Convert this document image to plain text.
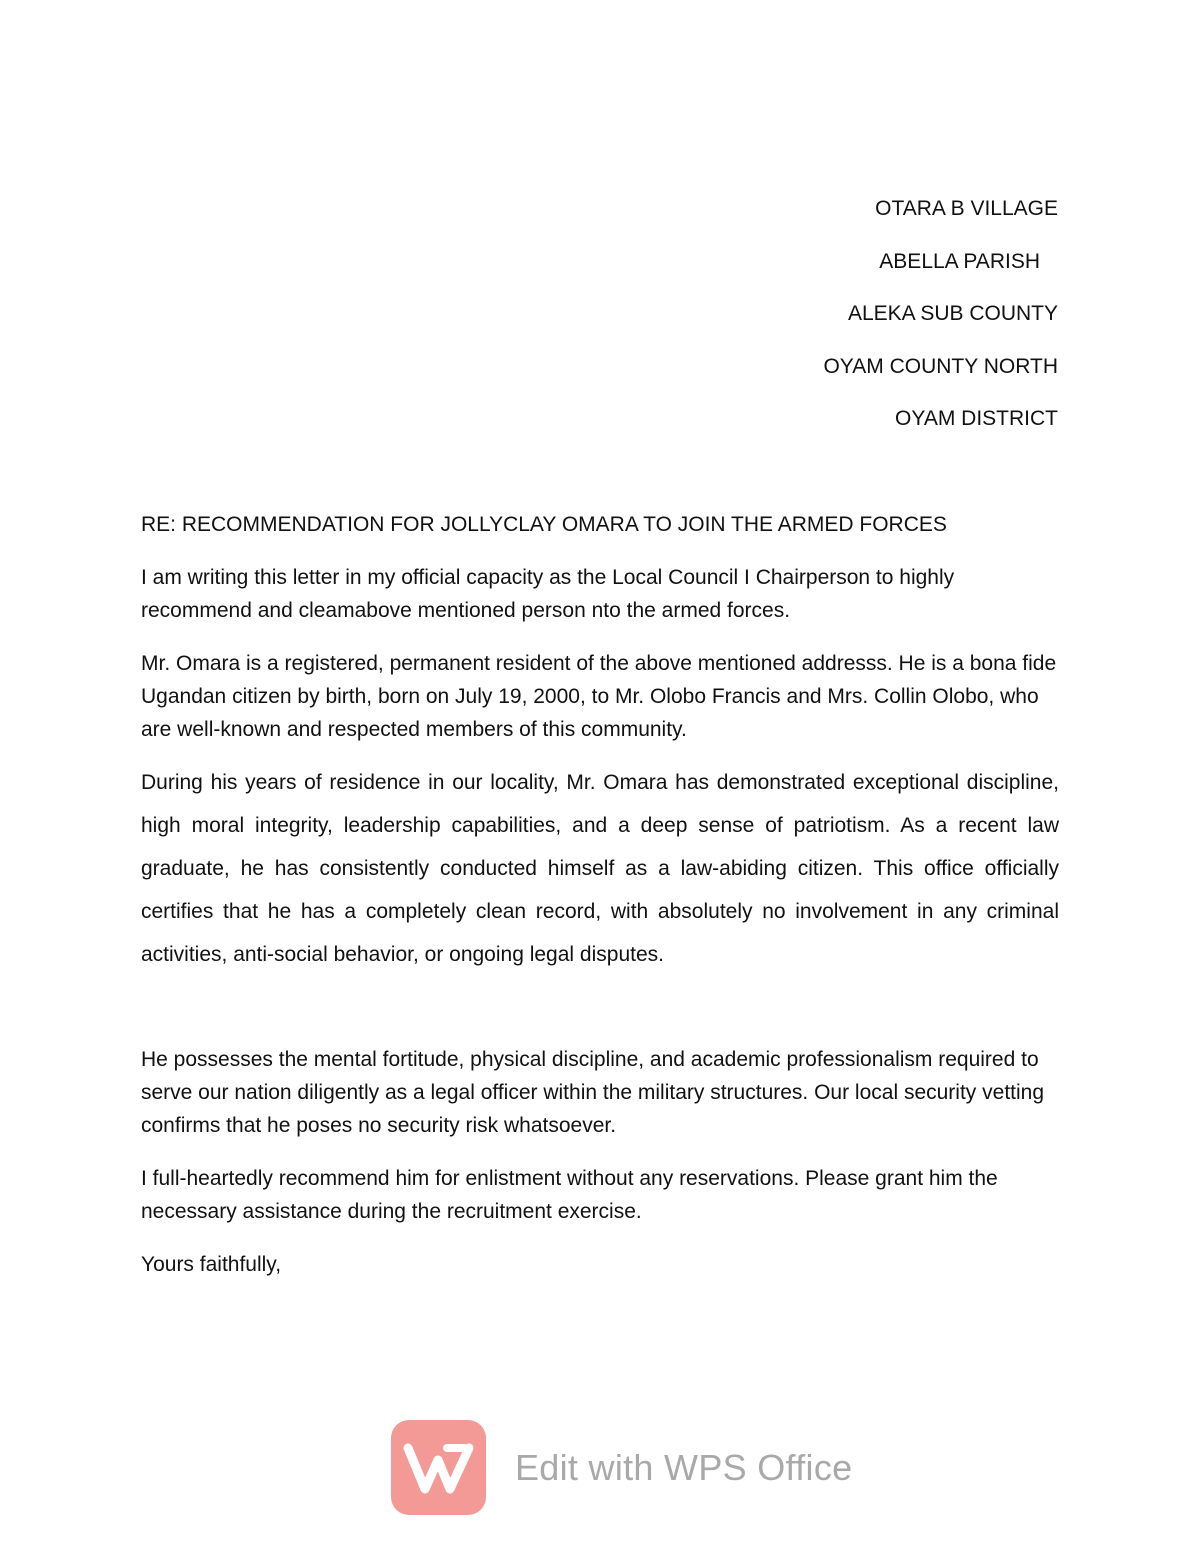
OTARA B VILLAGE
ABELLA PARISH
ALEKA SUB COUNTY
OYAM COUNTY NORTH
OYAM DISTRICT
RE: RECOMMENDATION FOR JOLLYCLAY OMARA TO JOIN THE ARMED FORCES

I am writing this letter in my official capacity as the Local Council I Chairperson to highly recommend and cleamabove mentioned person nto the armed forces.

Mr. Omara is a registered, permanent resident of the above mentioned addresss. He is a bona fide Ugandan citizen by birth, born on July 19, 2000, to Mr. Olobo Francis and Mrs. Collin Olobo, who are well-known and respected members of this community.

During his years of residence in our locality, Mr. Omara has demonstrated exceptional discipline, high moral integrity, leadership capabilities, and a deep sense of patriotism. As a recent law graduate, he has consistently conducted himself as a law-abiding citizen. This office officially certifies that he has a completely clean record, with absolutely no involvement in any criminal activities, anti-social behavior, or ongoing legal disputes.

He possesses the mental fortitude, physical discipline, and academic professionalism required to serve our nation diligently as a legal officer within the military structures. Our local security vetting confirms that he poses no security risk whatsoever.

I full-heartedly recommend him for enlistment without any reservations. Please grant him the necessary assistance during the recruitment exercise.

Yours faithfully,
Edit with WPS Office
